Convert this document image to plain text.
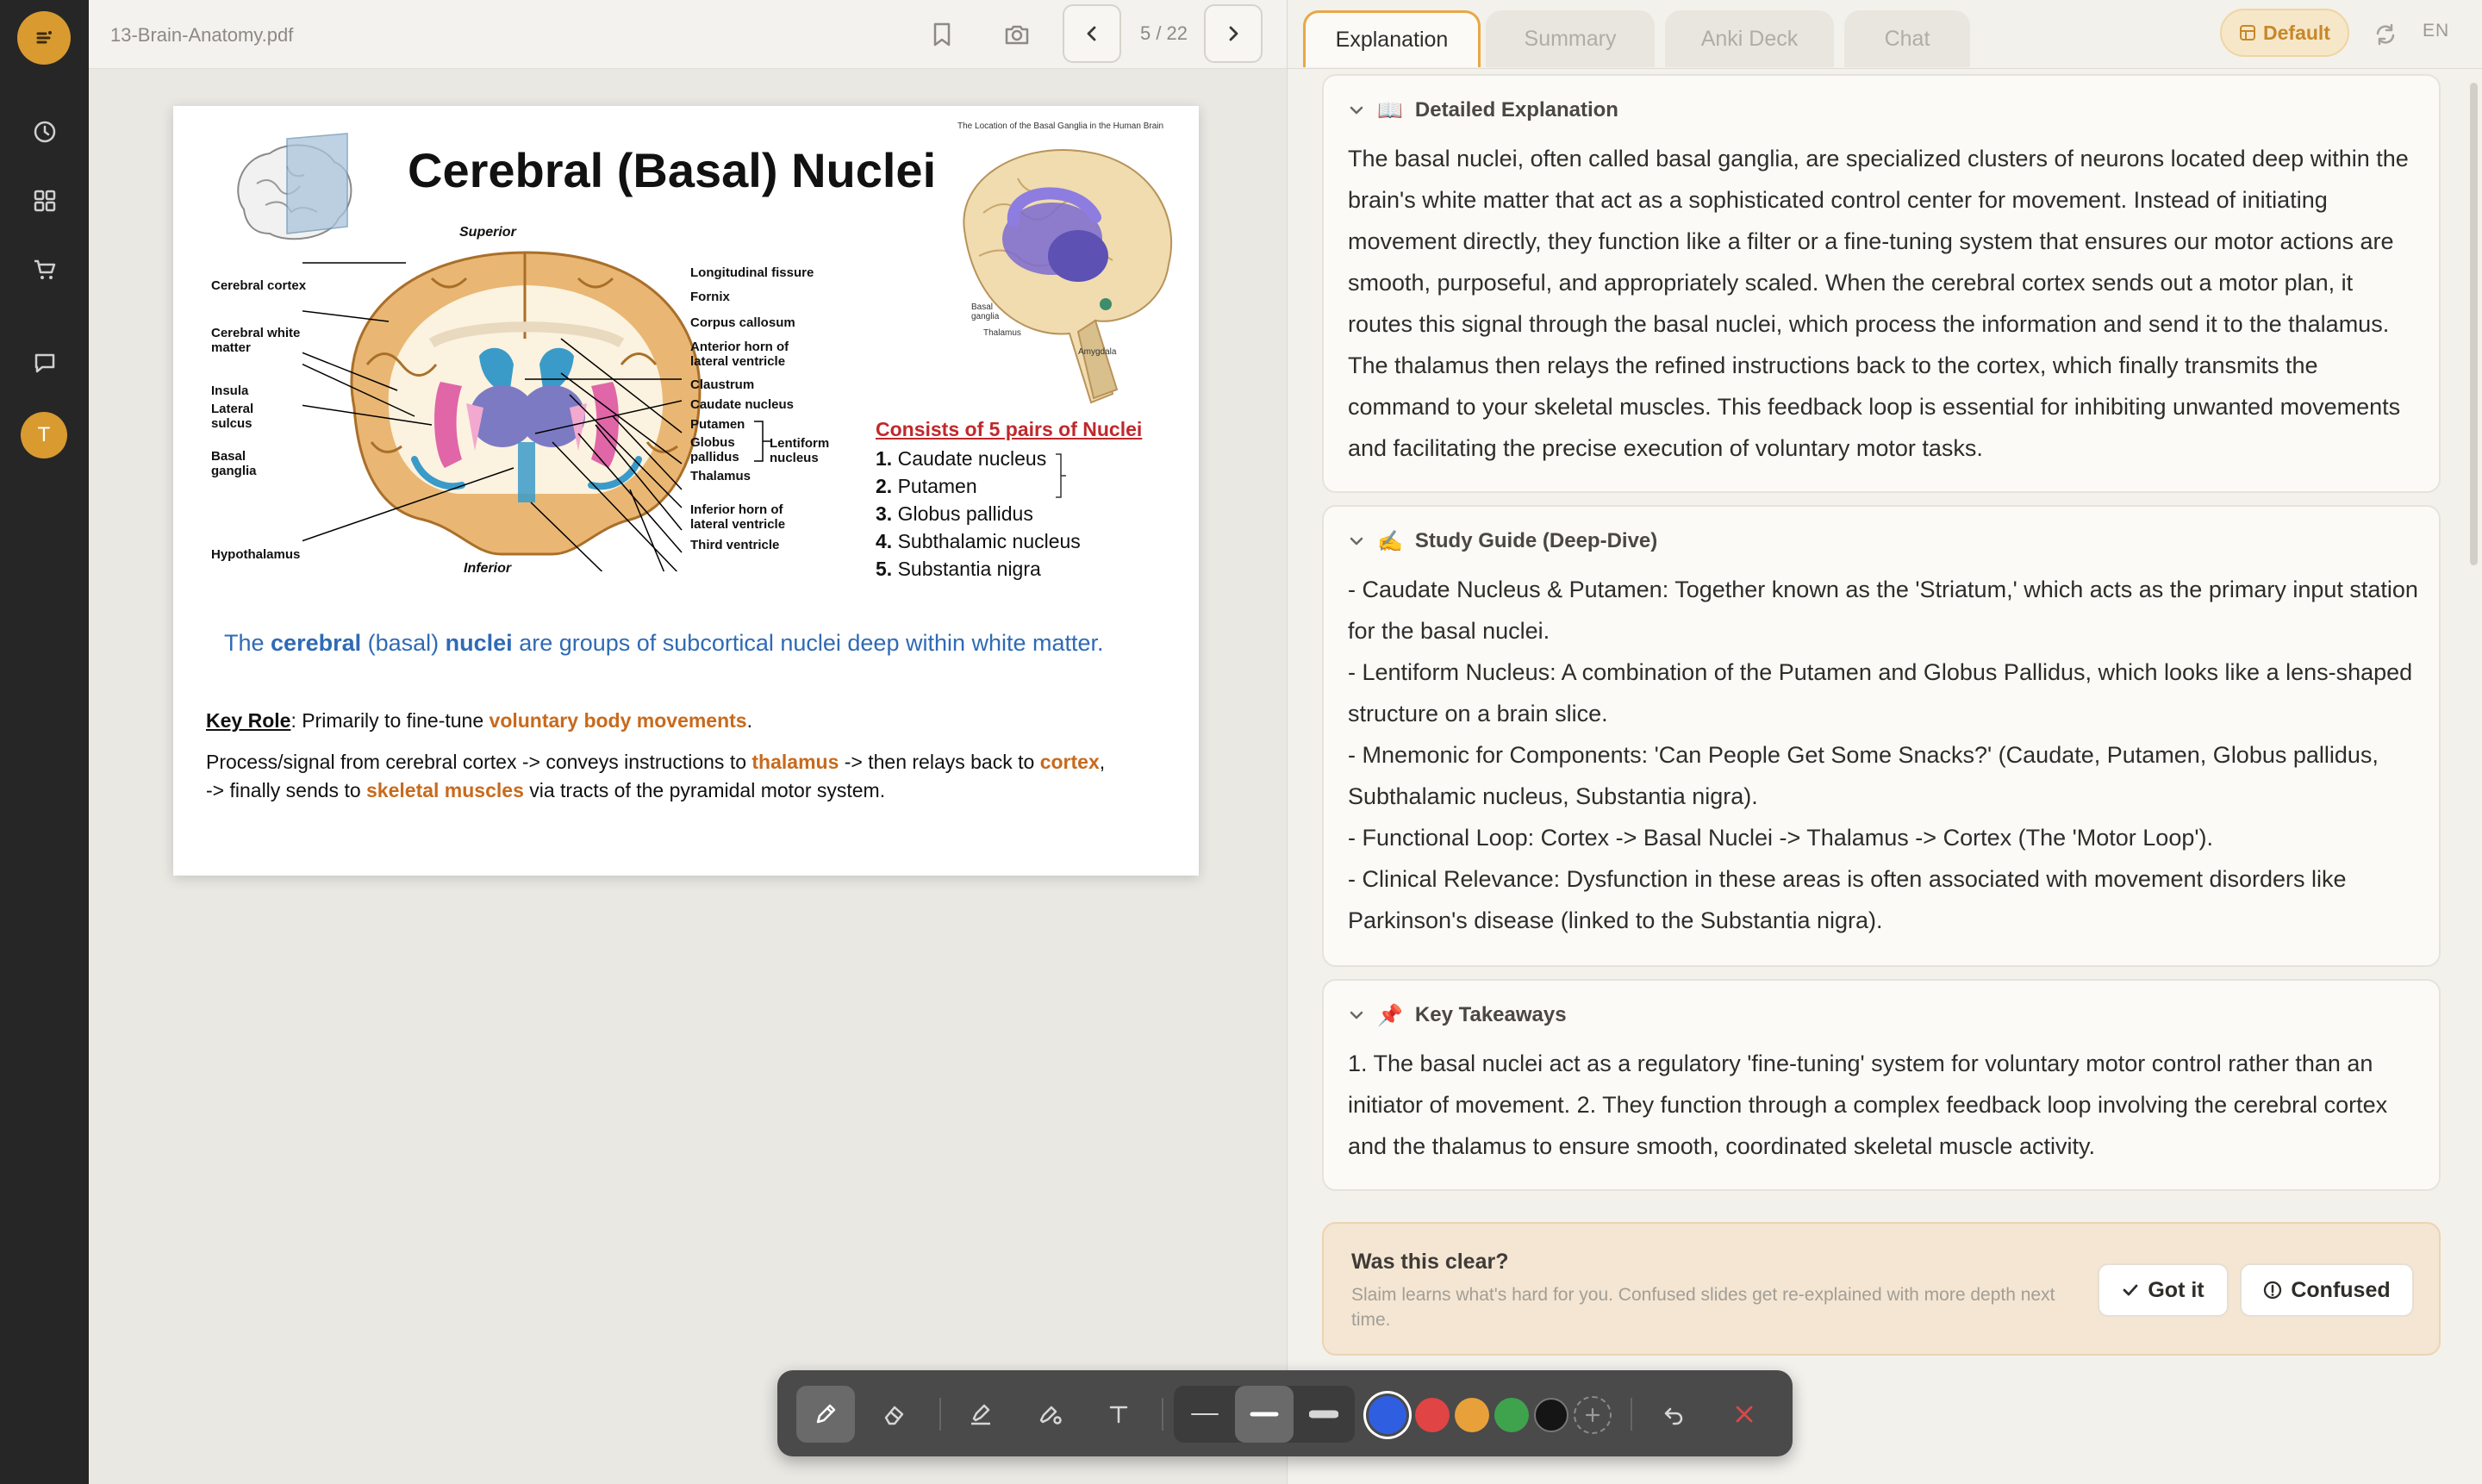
T
13-Brain-Anatomy.pdf	5 / 22
Cerebral (Basal) Nuclei
The Location of the Basal Ganglia in the Human Brain
Basal
ganglia
Thalamus
Amygdala
Superior
Inferior
Cerebral cortex
Cerebral white
matter
Insula
Lateral
sulcus
Basal
ganglia
Hypothalamus
Longitudinal fissure
Fornix
Corpus callosum
Anterior horn of
lateral ventricle
Claustrum
Caudate nucleus
Putamen
Globus
pallidus
Thalamus
Inferior horn of
lateral ventricle
Third ventricle
Lentiform
nucleus
Consists of 5 pairs of Nuclei
1. Caudate nucleus
2. Putamen
3. Globus pallidus
4. Subthalamic nucleus
5. Substantia nigra
The cerebral (basal) nuclei are groups of subcortical nuclei deep within white matter.
Key Role: Primarily to fine-tune voluntary body movements.
Process/signal from cerebral cortex -> conveys instructions to thalamus -> then relays back to cortex,
-> finally sends to skeletal muscles via tracts of the pyramidal motor system.
Explanation	Summary	Anki Deck	Chat	Default	EN
📖 Detailed Explanation
The basal nuclei, often called basal ganglia, are specialized clusters of neurons located deep within the brain's white matter that act as a sophisticated control center for movement. Instead of initiating movement directly, they function like a filter or a fine-tuning system that ensures our motor actions are smooth, purposeful, and appropriately scaled. When the cerebral cortex sends out a motor plan, it routes this signal through the basal nuclei, which process the information and send it to the thalamus. The thalamus then relays the refined instructions back to the cortex, which finally transmits the command to your skeletal muscles. This feedback loop is essential for inhibiting unwanted movements and facilitating the precise execution of voluntary motor tasks.
✍️ Study Guide (Deep-Dive)

- Caudate Nucleus & Putamen: Together known as the 'Striatum,' which acts as the primary input station for the basal nuclei.

- Lentiform Nucleus: A combination of the Putamen and Globus Pallidus, which looks like a lens-shaped structure on a brain slice.

- Mnemonic for Components: 'Can People Get Some Snacks?' (Caudate, Putamen, Globus pallidus, Subthalamic nucleus, Substantia nigra).

- Functional Loop: Cortex -> Basal Nuclei -> Thalamus -> Cortex (The 'Motor Loop').

- Clinical Relevance: Dysfunction in these areas is often associated with movement disorders like Parkinson's disease (linked to the Substantia nigra).

📌 Key Takeaways
1. The basal nuclei act as a regulatory 'fine-tuning' system for voluntary motor control rather than an initiator of movement. 2. They function through a complex feedback loop involving the cerebral cortex and the thalamus to ensure smooth, coordinated skeletal muscle activity.
Was this clear?
Slaim learns what's hard for you. Confused slides get re-explained with more depth next time.
Got it	Confused
